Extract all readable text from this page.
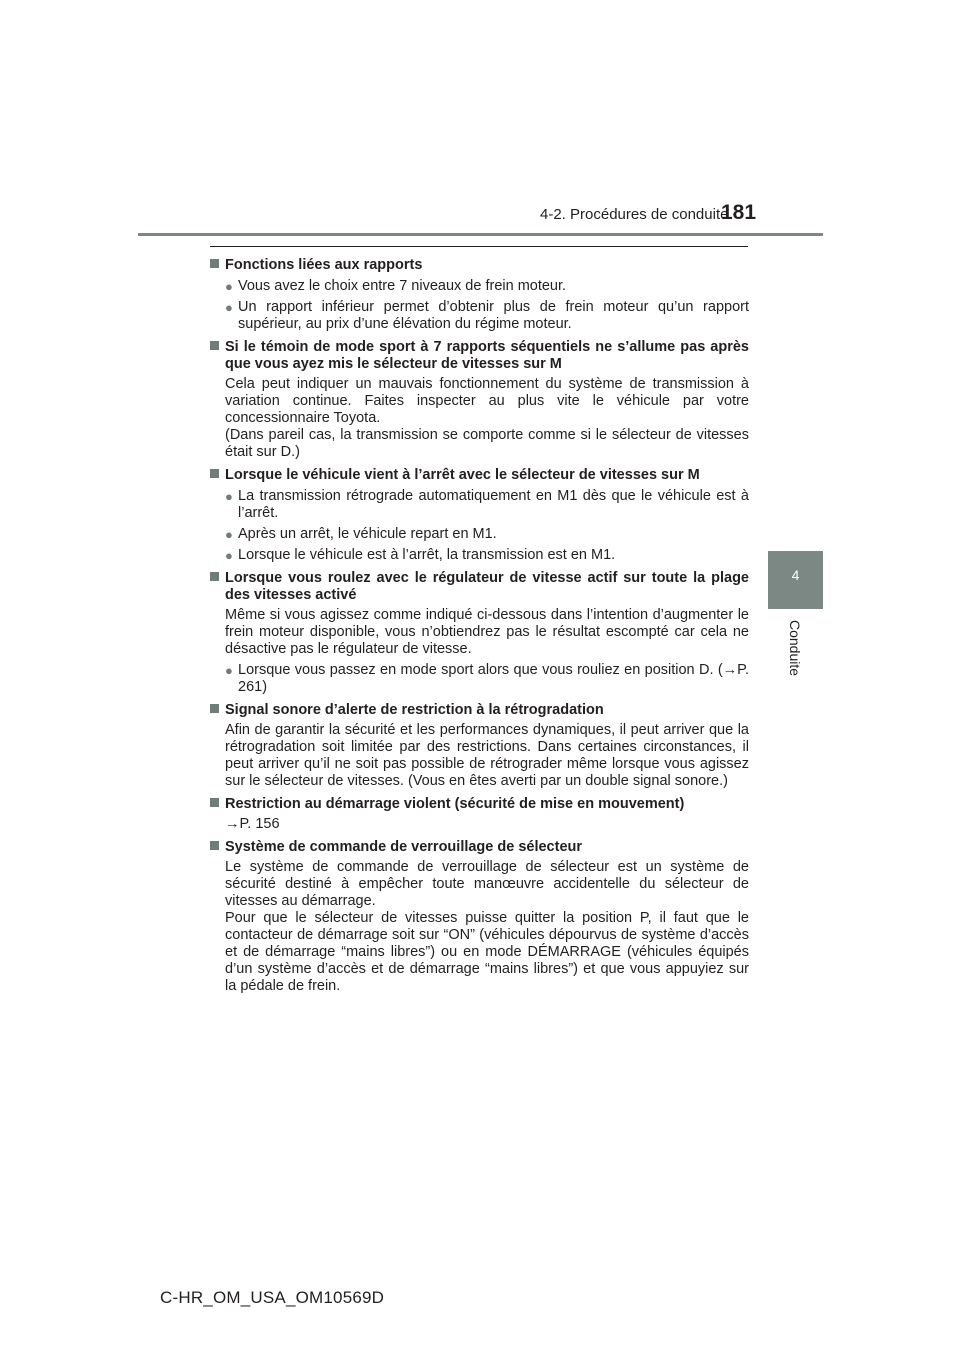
4-2. Procédures de conduite
181
4
Conduite
Fonctions liées aux rapports
●
Vous avez le choix entre 7 niveaux de frein moteur.
●
Un rapport inférieur permet d’obtenir plus de frein moteur qu’un rapport supérieur, au prix d’une élévation du régime moteur.
Si le témoin de mode sport à 7 rapports séquentiels ne s’allume pas après que vous ayez mis le sélecteur de vitesses sur M
Cela peut indiquer un mauvais fonctionnement du système de transmission à variation continue. Faites inspecter au plus vite le véhicule par votre concessionnaire Toyota.
(Dans pareil cas, la transmission se comporte comme si le sélecteur de vitesses était sur D.)
Lorsque le véhicule vient à l’arrêt avec le sélecteur de vitesses sur M
●
La transmission rétrograde automatiquement en M1 dès que le véhicule est à l’arrêt.
●
Après un arrêt, le véhicule repart en M1.
●
Lorsque le véhicule est à l’arrêt, la transmission est en M1.
Lorsque vous roulez avec le régulateur de vitesse actif sur toute la plage des vitesses activé
Même si vous agissez comme indiqué ci-dessous dans l’intention d’augmenter le frein moteur disponible, vous n’obtiendrez pas le résultat escompté car cela ne désactive pas le régulateur de vitesse.
●
Lorsque vous passez en mode sport alors que vous rouliez en position D. (→P. 261)
Signal sonore d’alerte de restriction à la rétrogradation
Afin de garantir la sécurité et les performances dynamiques, il peut arriver que la rétrogradation soit limitée par des restrictions. Dans certaines circonstances, il peut arriver qu’il ne soit pas possible de rétrograder même lorsque vous agissez sur le sélecteur de vitesses. (Vous en êtes averti par un double signal sonore.)
Restriction au démarrage violent (sécurité de mise en mouvement)
→P. 156
Système de commande de verrouillage de sélecteur
Le système de commande de verrouillage de sélecteur est un système de sécurité destiné à empêcher toute manœuvre accidentelle du sélecteur de vitesses au démarrage.
Pour que le sélecteur de vitesses puisse quitter la position P, il faut que le contacteur de démarrage soit sur “ON” (véhicules dépourvus de système d’accès et de démarrage “mains libres”) ou en mode DÉMARRAGE (véhicules équipés d’un système d’accès et de démarrage “mains libres”) et que vous appuyiez sur la pédale de frein.
C-HR_OM_USA_OM10569D
